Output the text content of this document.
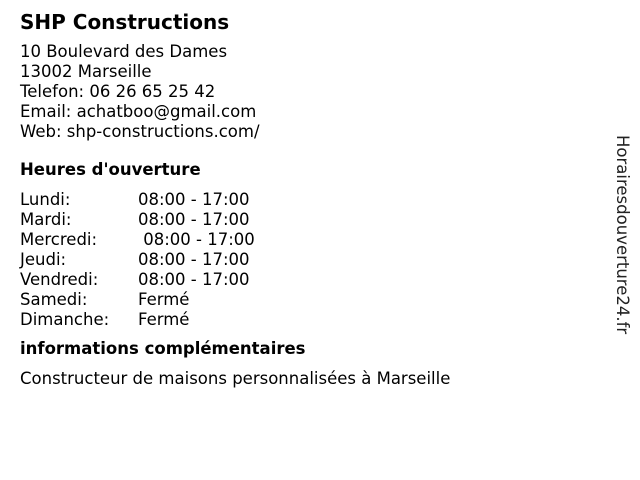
SHP Constructions
10 Boulevard des Dames
13002 Marseille
Telefon: 06 26 65 25 42
Email: achatboo@gmail.com
Web: shp-constructions.com/
Heures d'ouverture
Lundi:	08:00 - 17:00
Mardi:	08:00 - 17:00
Mercredi:	08:00 - 17:00
Jeudi:	08:00 - 17:00
Vendredi:	08:00 - 17:00
Samedi:	Fermé
Dimanche:	Fermé
informations complémentaires
Constructeur de maisons personnalisées à Marseille
Horairesdouverture24.fr
